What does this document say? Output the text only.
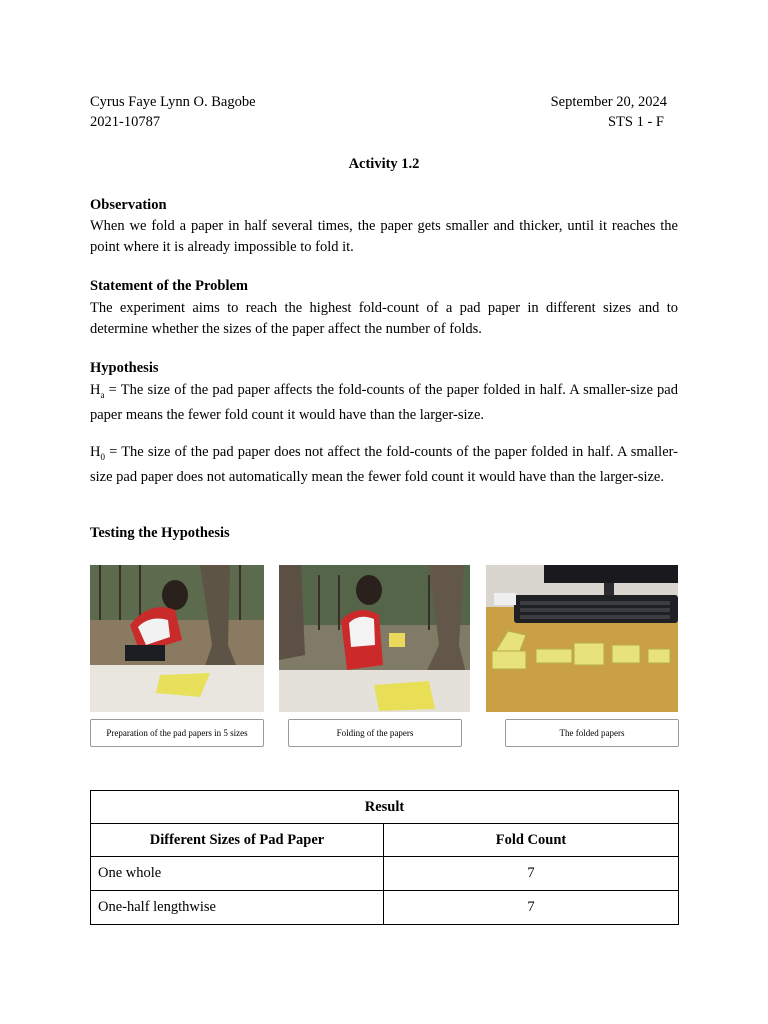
Cyrus Faye Lynn O. Bagobe
2021-10787
September 20, 2024
STS 1 - F
Activity 1.2
Observation
When we fold a paper in half several times, the paper gets smaller and thicker, until it reaches the point where it is already impossible to fold it.
Statement of the Problem
The experiment aims to reach the highest fold-count of a pad paper in different sizes and to determine whether the sizes of the paper affect the number of folds.
Hypothesis
$H_a$ = The size of the pad paper affects the fold-counts of the paper folded in half. A smaller-size pad paper means the fewer fold count it would have than the larger-size.
$H_0$ = The size of the pad paper does not affect the fold-counts of the paper folded in half. A smaller-size pad paper does not automatically mean the fewer fold count it would have than the larger-size.
Testing the Hypothesis
Preparation of the pad papers in 5 sizes	Folding of the papers	The folded papers
Result	
Different Sizes of Pad Paper	Fold Count
One whole	7
One-half lengthwise	7
